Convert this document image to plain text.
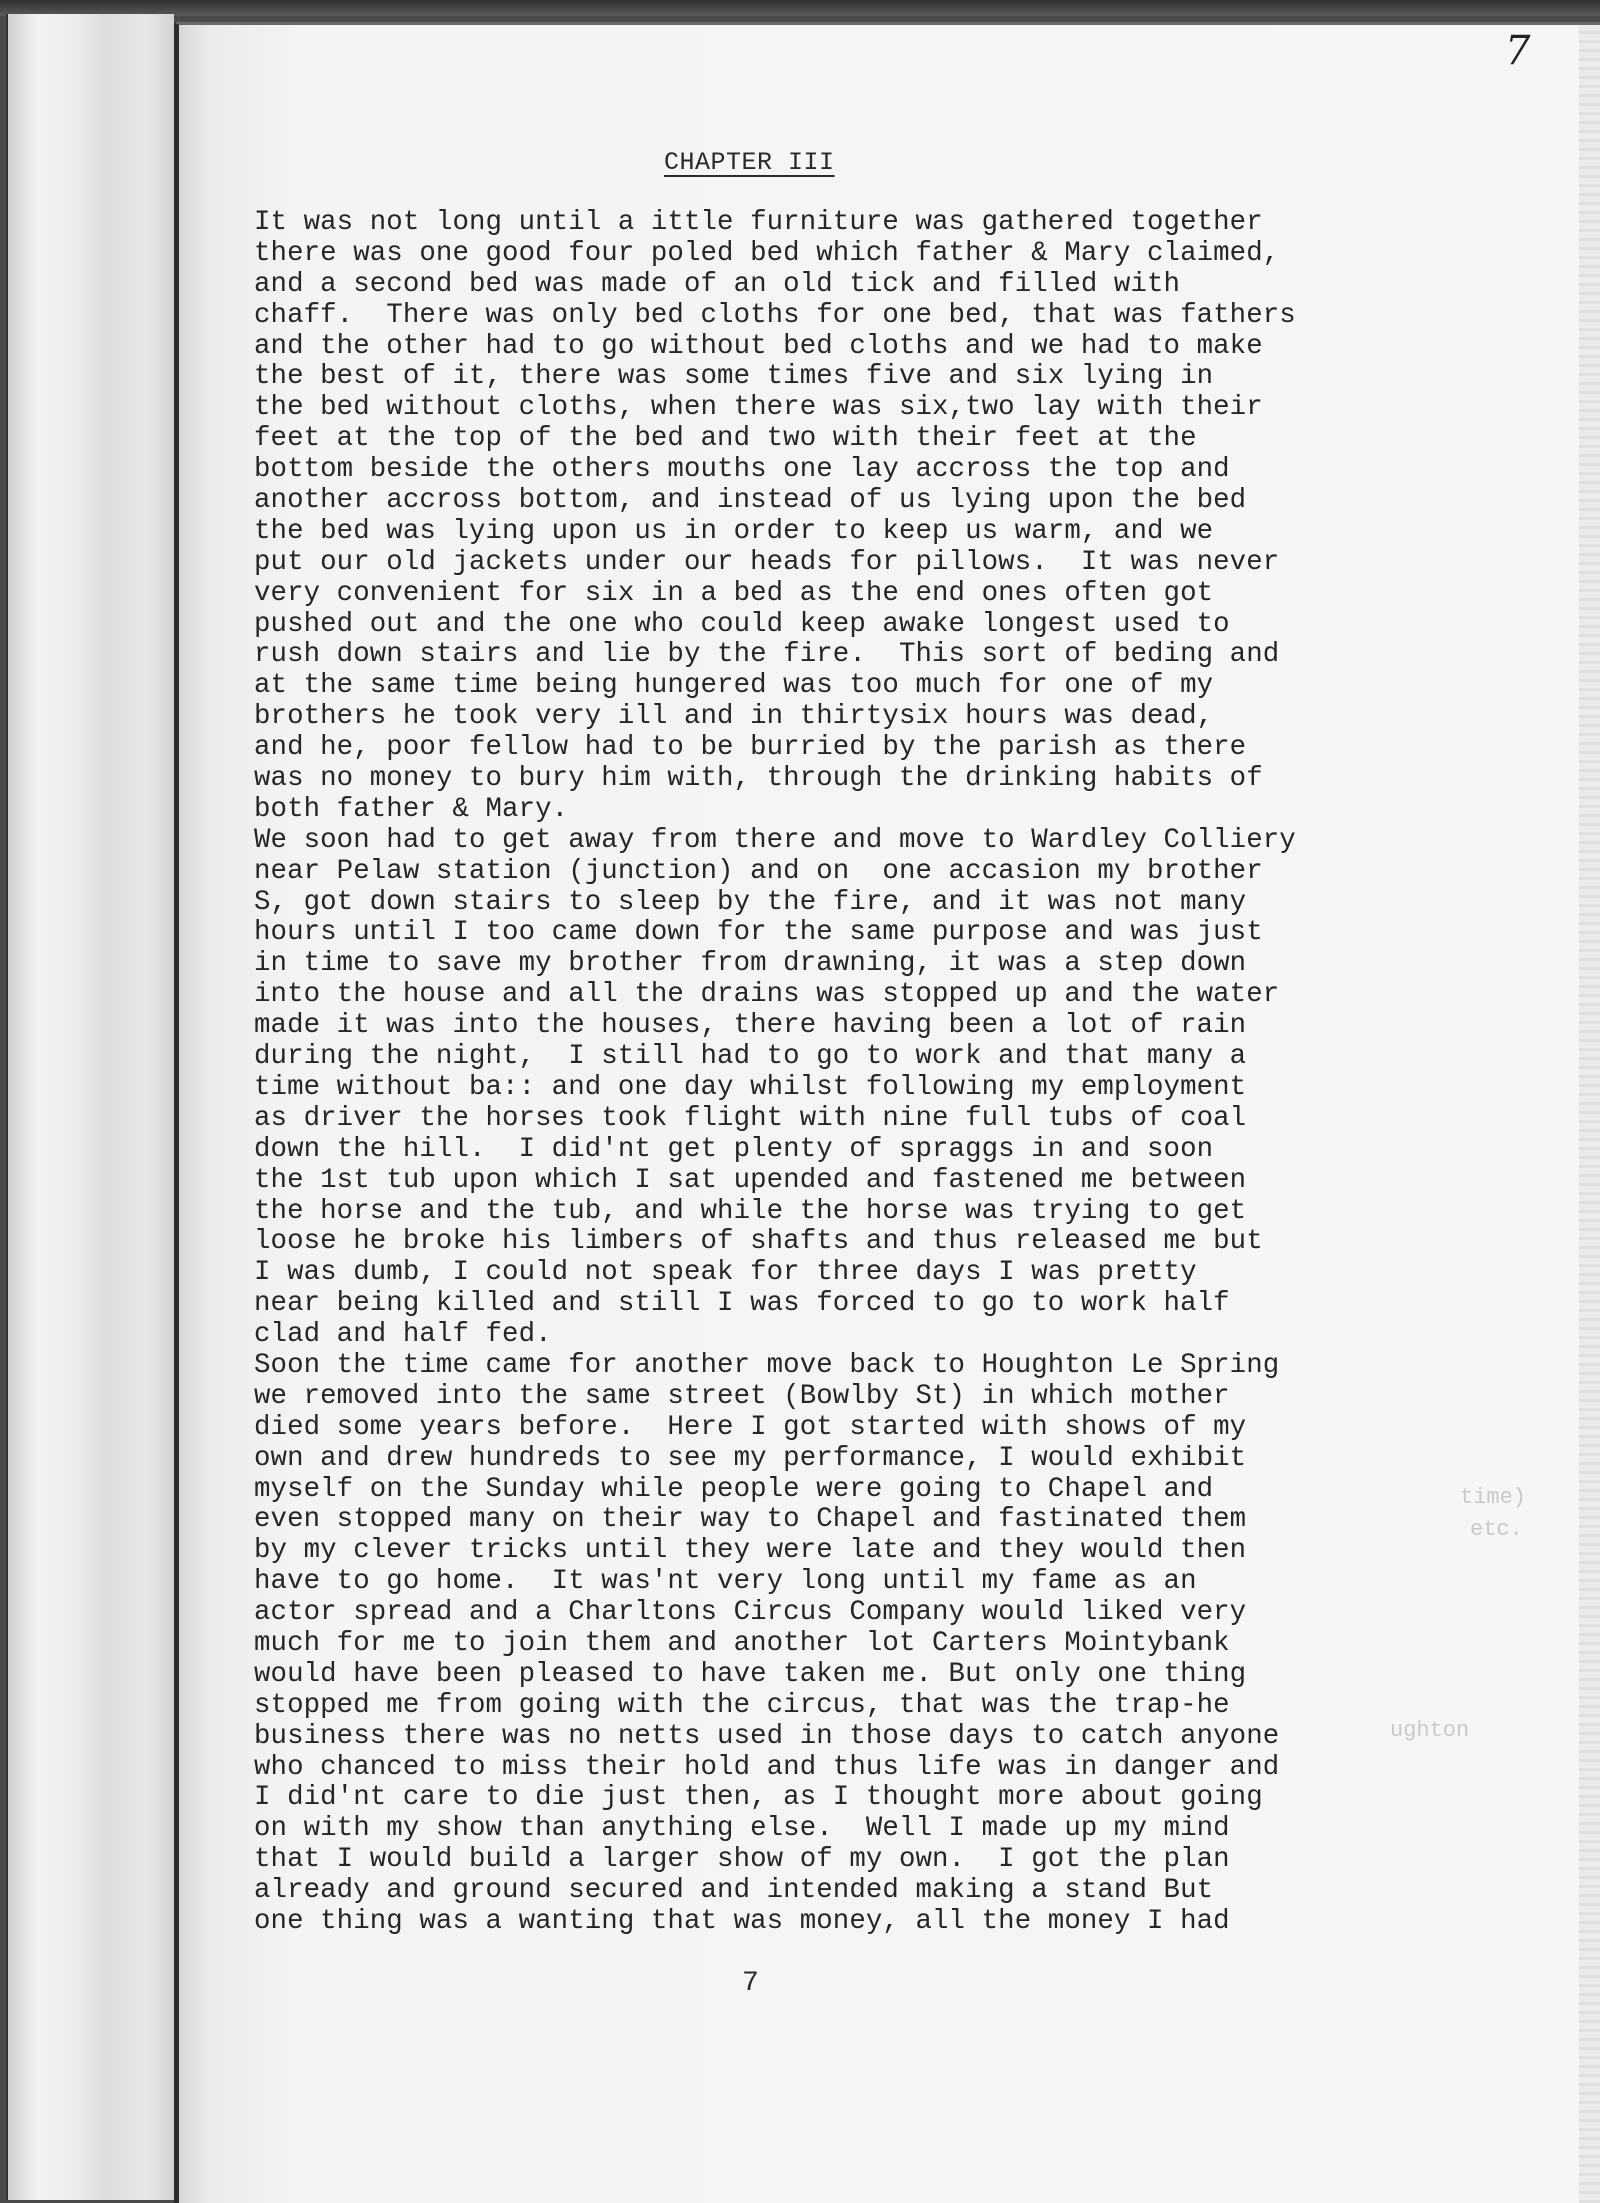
7
CHAPTER III
time)
etc.
ughton
It was not long until a ittle furniture was gathered together
there was one good four poled bed which father & Mary claimed,
and a second bed was made of an old tick and filled with
chaff.  There was only bed cloths for one bed, that was fathers
and the other had to go without bed cloths and we had to make
the best of it, there was some times five and six lying in
the bed without cloths, when there was six,two lay with their
feet at the top of the bed and two with their feet at the
bottom beside the others mouths one lay accross the top and
another accross bottom, and instead of us lying upon the bed
the bed was lying upon us in order to keep us warm, and we
put our old jackets under our heads for pillows.  It was never
very convenient for six in a bed as the end ones often got
pushed out and the one who could keep awake longest used to
rush down stairs and lie by the fire.  This sort of beding and
at the same time being hungered was too much for one of my
brothers he took very ill and in thirtysix hours was dead,
and he, poor fellow had to be burried by the parish as there
was no money to bury him with, through the drinking habits of
both father & Mary.
We soon had to get away from there and move to Wardley Colliery
near Pelaw station (junction) and on  one accasion my brother
S, got down stairs to sleep by the fire, and it was not many
hours until I too came down for the same purpose and was just
in time to save my brother from drawning, it was a step down
into the house and all the drains was stopped up and the water
made it was into the houses, there having been a lot of rain
during the night,  I still had to go to work and that many a
time without ba:: and one day whilst following my employment
as driver the horses took flight with nine full tubs of coal
down the hill.  I did'nt get plenty of spraggs in and soon
the 1st tub upon which I sat upended and fastened me between
the horse and the tub, and while the horse was trying to get
loose he broke his limbers of shafts and thus released me but
I was dumb, I could not speak for three days I was pretty
near being killed and still I was forced to go to work half
clad and half fed.
Soon the time came for another move back to Houghton Le Spring
we removed into the same street (Bowlby St) in which mother
died some years before.  Here I got started with shows of my
own and drew hundreds to see my performance, I would exhibit
myself on the Sunday while people were going to Chapel and
even stopped many on their way to Chapel and fastinated them
by my clever tricks until they were late and they would then
have to go home.  It was'nt very long until my fame as an
actor spread and a Charltons Circus Company would liked very
much for me to join them and another lot Carters Mointybank
would have been pleased to have taken me. But only one thing
stopped me from going with the circus, that was the trap-he
business there was no netts used in those days to catch anyone
who chanced to miss their hold and thus life was in danger and
I did'nt care to die just then, as I thought more about going
on with my show than anything else.  Well I made up my mind
that I would build a larger show of my own.  I got the plan
already and ground secured and intended making a stand But
one thing was a wanting that was money, all the money I had
7
